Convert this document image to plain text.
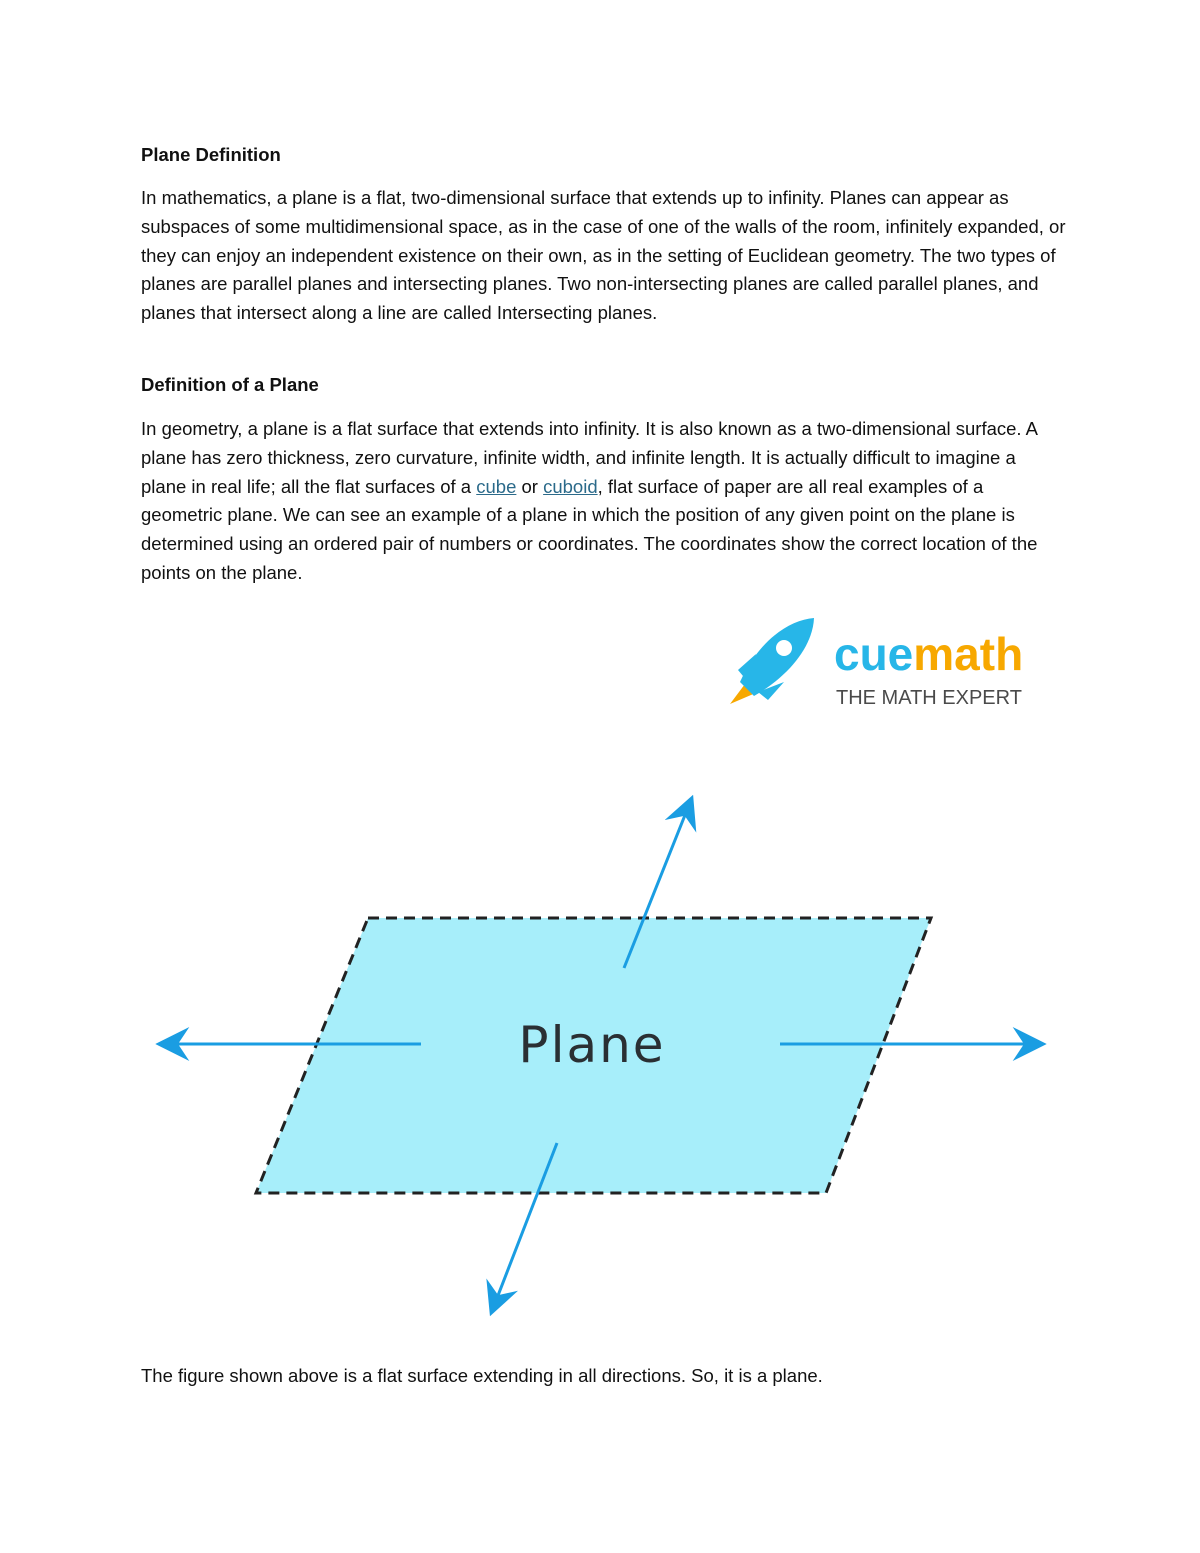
Plane Definition

In mathematics, a plane is a flat, two-dimensional surface that extends up to infinity. Planes can appear as subspaces of some multidimensional space, as in the case of one of the walls of the room, infinitely expanded, or they can enjoy an independent existence on their own, as in the setting of Euclidean geometry. The two types of planes are parallel planes and intersecting planes. Two non-intersecting planes are called parallel planes, and planes that intersect along a line are called Intersecting planes.

Definition of a Plane

In geometry, a plane is a flat surface that extends into infinity. It is also known as a two-dimensional surface. A plane has zero thickness, zero curvature, infinite width, and infinite length. It is actually difficult to imagine a plane in real life; all the flat surfaces of a cube or cuboid, flat surface of paper are all real examples of a geometric plane. We can see an example of a plane in which the position of any given point on the plane is determined using an ordered pair of numbers or coordinates. The coordinates show the correct location of the points on the plane.

cuemath
THE MATH EXPERT
Plane

The figure shown above is a flat surface extending in all directions. So, it is a plane.
